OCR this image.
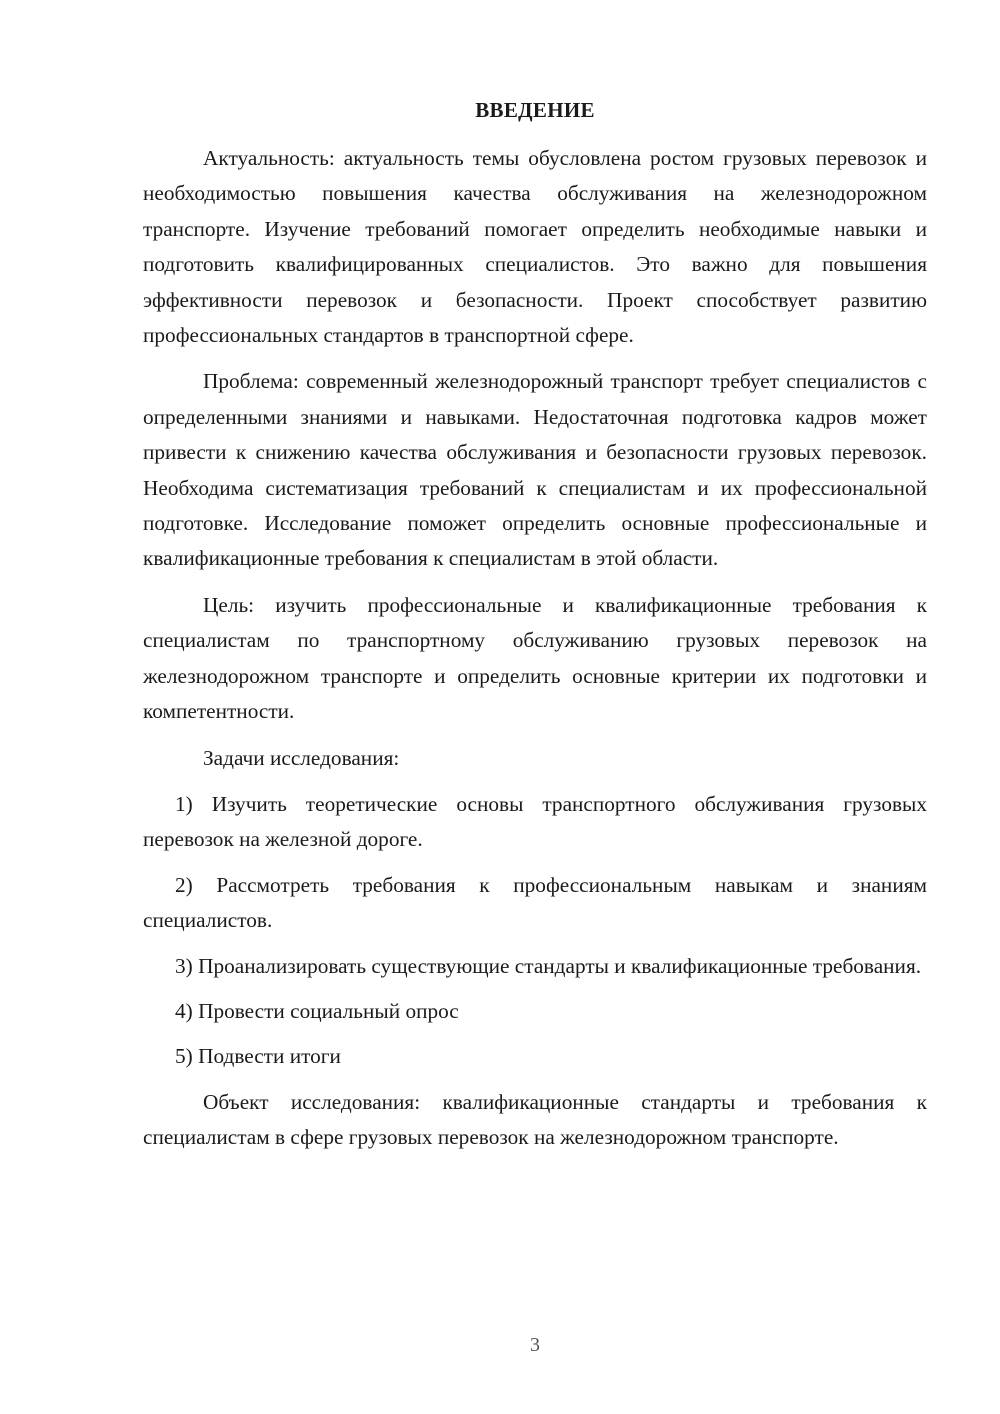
ВВЕДЕНИЕ

Актуальность: актуальность темы обусловлена ростом грузовых перевозок и необходимостью повышения качества обслуживания на железнодорожном транспорте. Изучение требований помогает определить необходимые навыки и подготовить квалифицированных специалистов. Это важно для повышения эффективности перевозок и безопасности. Проект способствует развитию профессиональных стандартов в транспортной сфере.

Проблема: современный железнодорожный транспорт требует специалистов с определенными знаниями и навыками. Недостаточная подготовка кадров может привести к снижению качества обслуживания и безопасности грузовых перевозок. Необходима систематизация требований к специалистам и их профессиональной подготовке. Исследование поможет определить основные профессиональные и квалификационные требования к специалистам в этой области.

Цель: изучить профессиональные и квалификационные требования к специалистам по транспортному обслуживанию грузовых перевозок на железнодорожном транспорте и определить основные критерии их подготовки и компетентности.

Задачи исследования:

1) Изучить теоретические основы транспортного обслуживания грузовых перевозок на железной дороге.

2) Рассмотреть требования к профессиональным навыкам и знаниям специалистов.

3) Проанализировать существующие стандарты и квалификационные требования.

4) Провести социальный опрос

5) Подвести итоги

Объект исследования: квалификационные стандарты и требования к специалистам в сфере грузовых перевозок на железнодорожном транспорте.

3
